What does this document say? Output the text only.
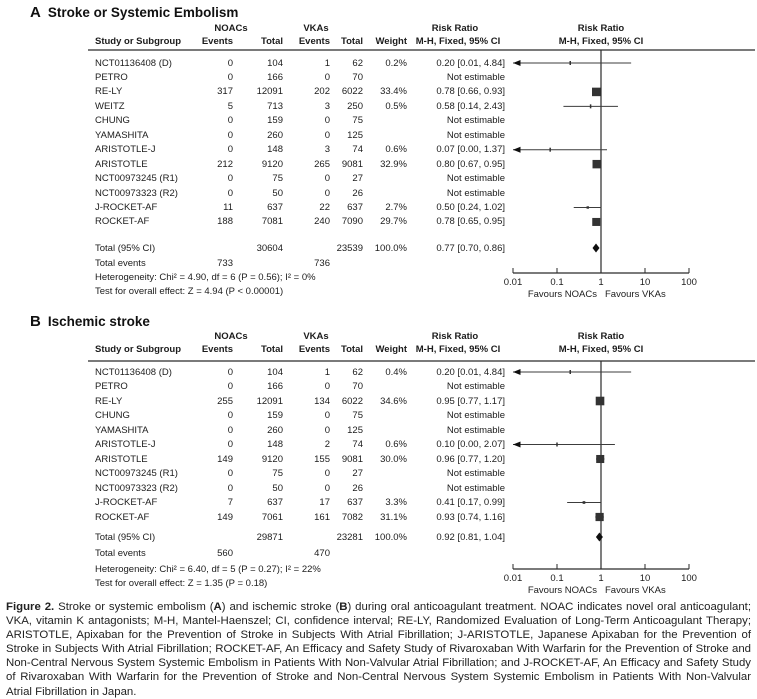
A Stroke or Systemic Embolism
NOACs	VKAs	Risk Ratio	Risk Ratio
Study or Subgroup	Events	Total	Events	Total	Weight M-H, Fixed, 95% CI	M-H, Fixed, 95% CI
NCT01136408 (D)	0	104	1	62	0.2%	0.20 [0.01, 4.84]
PETRO	0	166	0	70	Not estimable
RE-LY	317	12091	202	6022	33.4%	0.78 [0.66, 0.93]
WEITZ	5	713	3	250	0.5%	0.58 [0.14, 2.43]
CHUNG	0	159	0	75	Not estimable
YAMASHITA	0	260	0	125	Not estimable
ARISTOTLE-J	0	148	3	74	0.6%	0.07 [0.00, 1.37]
ARISTOTLE	212	9120	265	9081	32.9%	0.80 [0.67, 0.95]
NCT00973245 (R1)	0	75	0	27	Not estimable
NCT00973323 (R2)	0	50	0	26	Not estimable
J-ROCKET-AF	11	637	22	637	2.7%	0.50 [0.24, 1.02]
ROCKET-AF	188	7081	240	7090	29.7%	0.78 [0.65, 0.95]
Total (95% CI)	30604	23539	100.0%	0.77 [0.70, 0.86]
Total events	733	736
Heterogeneity: Chi² = 4.90, df = 6 (P = 0.56); I² = 0%
Test for overall effect: Z = 4.94 (P < 0.00001)
0.01	0.1	1	10	100
Favours NOACs Favours VKAs
B Ischemic stroke
NOACs	VKAs	Risk Ratio	Risk Ratio
Study or Subgroup	Events	Total	Events	Total	Weight M-H, Fixed, 95% CI	M-H, Fixed, 95% CI
NCT01136408 (D)	0	104	1	62	0.4%	0.20 [0.01, 4.84]
PETRO	0	166	0	70	Not estimable
RE-LY	255	12091	134	6022	34.6%	0.95 [0.77, 1.17]
CHUNG	0	159	0	75	Not estimable
YAMASHITA	0	260	0	125	Not estimable
ARISTOTLE-J	0	148	2	74	0.6%	0.10 [0.00, 2.07]
ARISTOTLE	149	9120	155	9081	30.0%	0.96 [0.77, 1.20]
NCT00973245 (R1)	0	75	0	27	Not estimable
NCT00973323 (R2)	0	50	0	26	Not estimable
J-ROCKET-AF	7	637	17	637	3.3%	0.41 [0.17, 0.99]
ROCKET-AF	149	7061	161	7082	31.1%	0.93 [0.74, 1.16]
Total (95% CI)	29871	23281	100.0%	0.92 [0.81, 1.04]
Total events	560	470
Heterogeneity: Chi² = 6.40, df = 5 (P = 0.27); I² = 22%
Test for overall effect: Z = 1.35 (P = 0.18)	0.01	0.1	1	10	100
Favours NOACs Favours VKAs

Figure 2. Stroke or systemic embolism (A) and ischemic stroke (B) during oral anticoagulant treatment. NOAC indicates novel oral anticoagulant; VKA, vitamin K antagonists; M-H, Mantel-Haenszel; CI, confidence interval; RE-LY, Randomized Evaluation of Long-Term Anticoagulant Therapy; ARISTOTLE, Apixaban for the Prevention of Stroke in Subjects With Atrial Fibrillation; J-ARISTOTLE, Japanese Apixaban for the Prevention of Stroke in Subjects With Atrial Fibrillation; ROCKET-AF, An Efficacy and Safety Study of Rivaroxaban With Warfarin for the Prevention of Stroke and Non-Central Nervous System Systemic Embolism in Patients With Non-Valvular Atrial Fibrillation; and J-ROCKET-AF, An Efficacy and Safety Study of Rivaroxaban With Warfarin for the Prevention of Stroke and Non-Central Nervous System Systemic Embolism in Patients With Non-Valvular Atrial Fibrillation in Japan.
